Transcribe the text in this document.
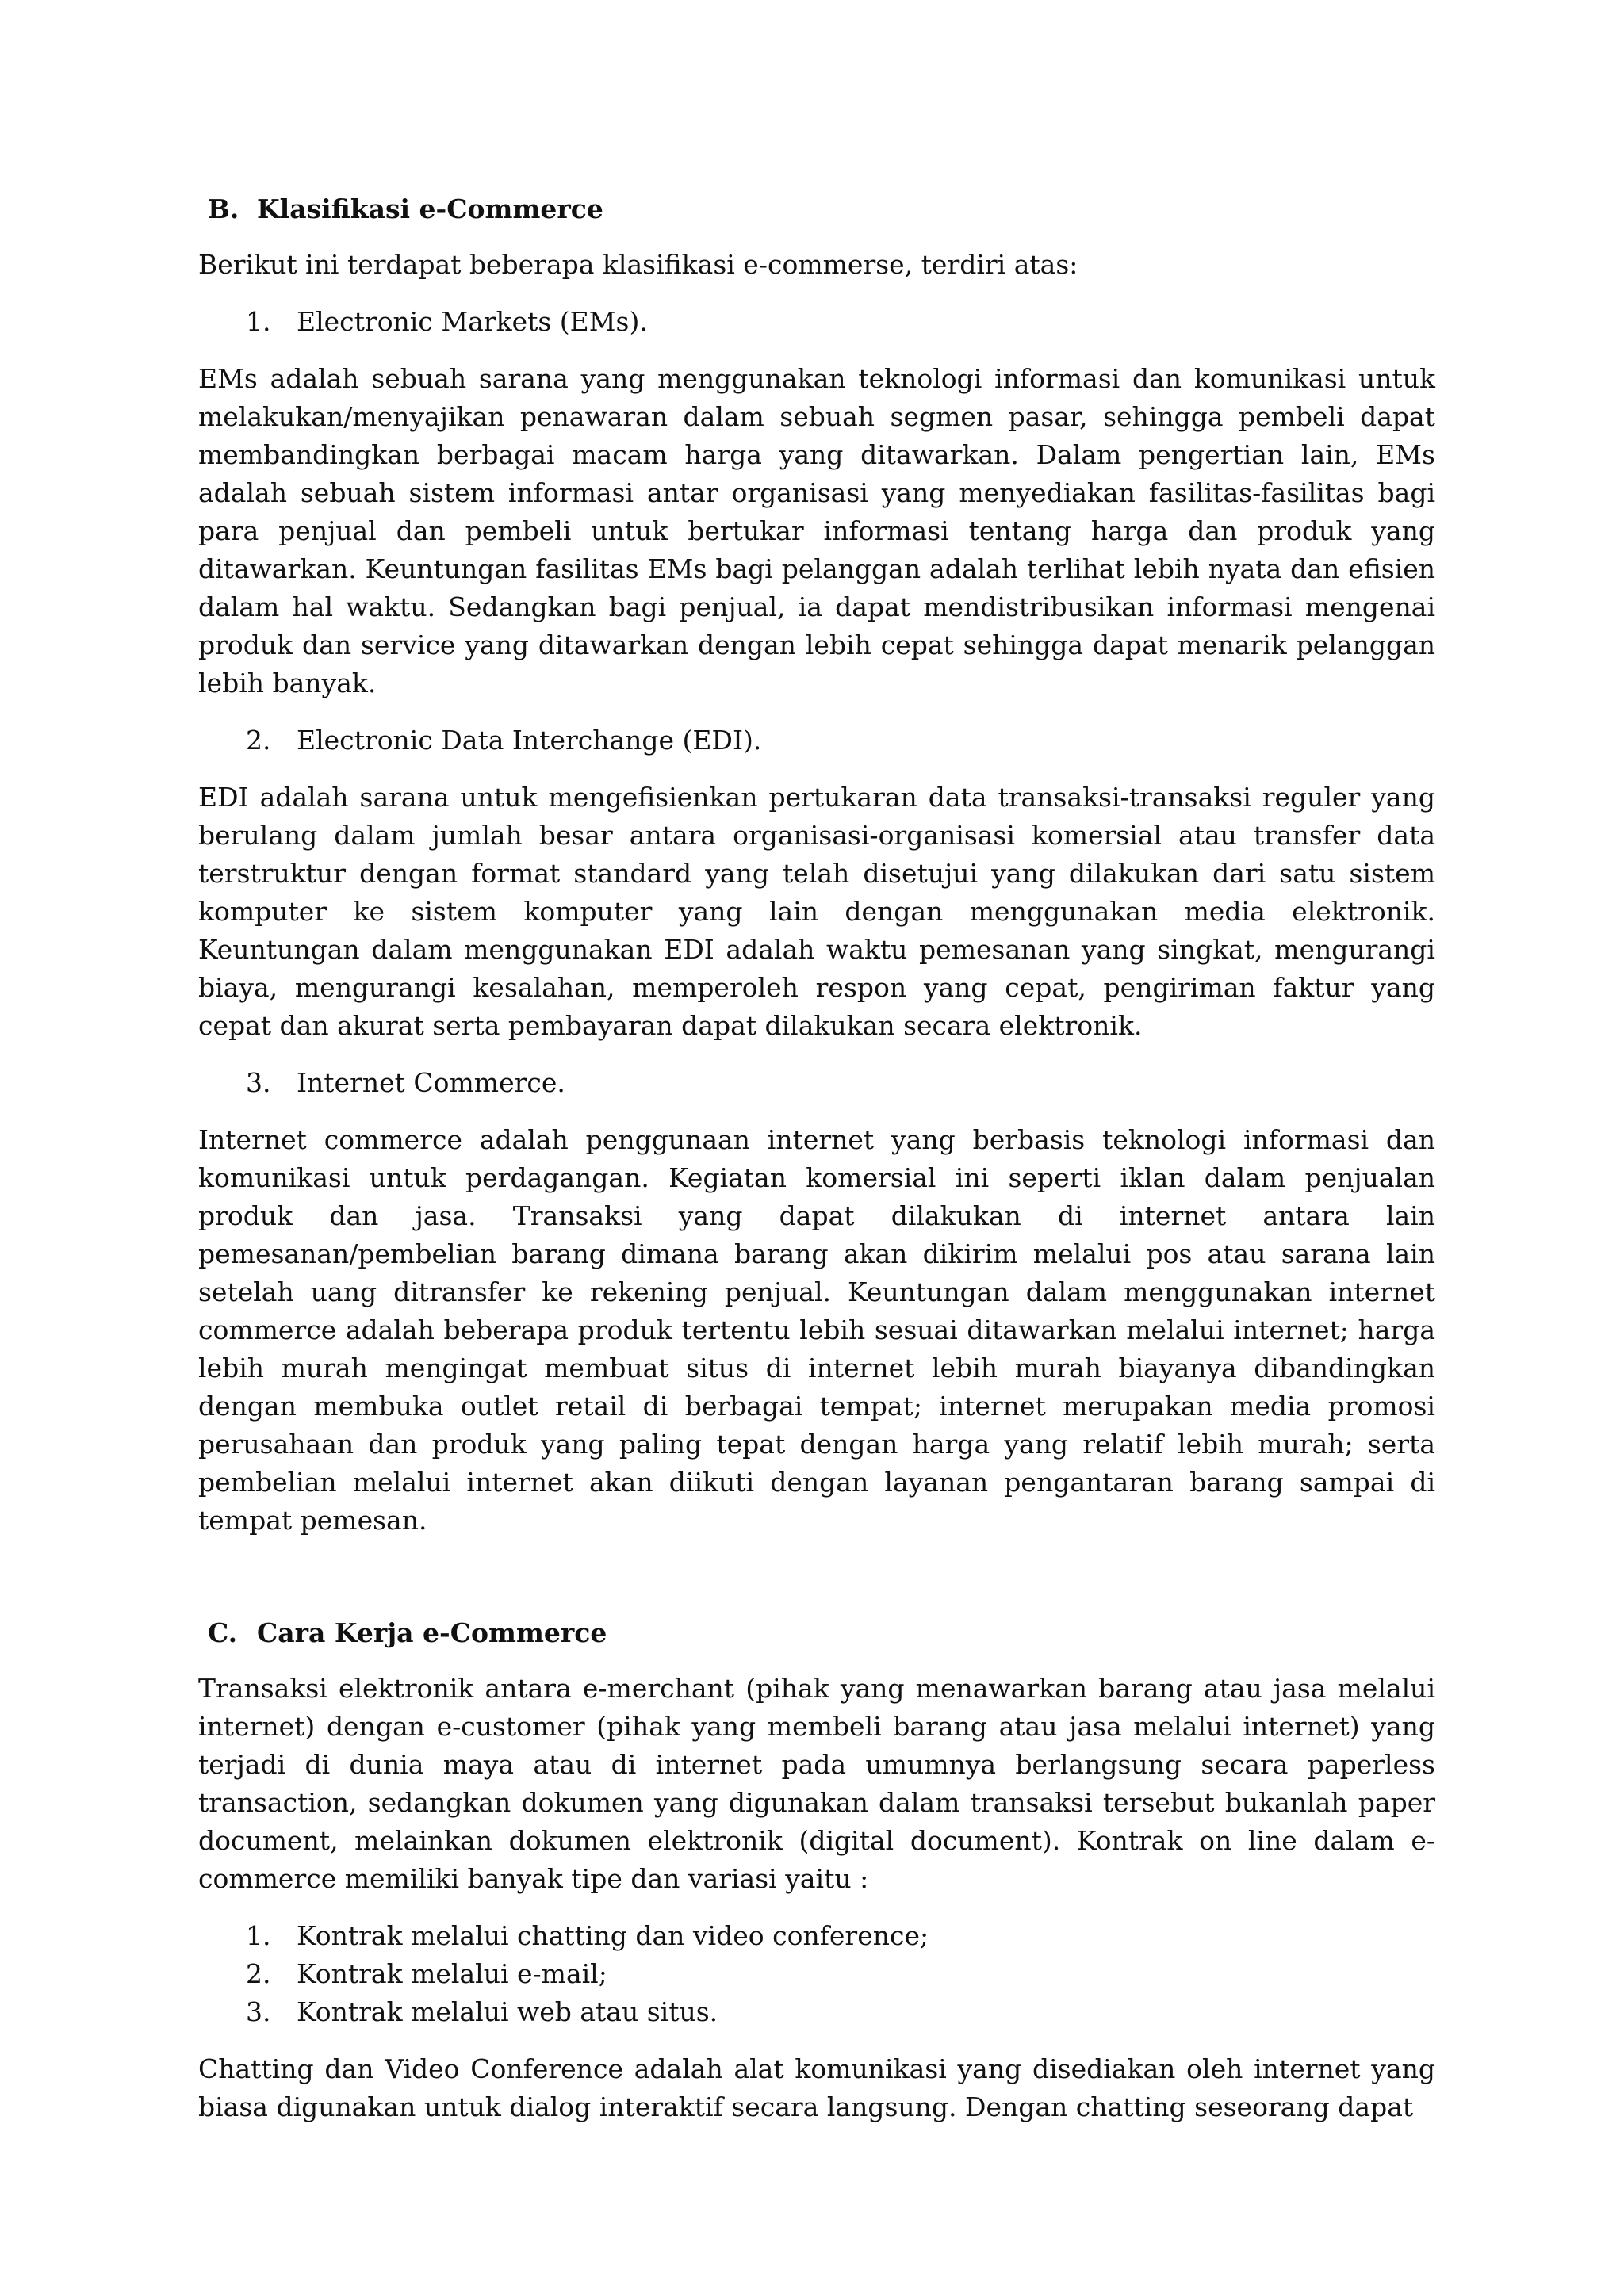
B. Klasifikasi e-Commerce

Berikut ini terdapat beberapa klasifikasi e-commerse, terdiri atas:

1. Electronic Markets (EMs).

EMs adalah sebuah sarana yang menggunakan teknologi informasi dan komunikasi untuk melakukan/menyajikan penawaran dalam sebuah segmen pasar, sehingga pembeli dapat membandingkan berbagai macam harga yang ditawarkan. Dalam pengertian lain, EMs adalah sebuah sistem informasi antar organisasi yang menyediakan fasilitas-fasilitas bagi para penjual dan pembeli untuk bertukar informasi tentang harga dan produk yang ditawarkan. Keuntungan fasilitas EMs bagi pelanggan adalah terlihat lebih nyata dan efisien dalam hal waktu. Sedangkan bagi penjual, ia dapat mendistribusikan informasi mengenai produk dan service yang ditawarkan dengan lebih cepat sehingga dapat menarik pelanggan lebih banyak.

2. Electronic Data Interchange (EDI).

EDI adalah sarana untuk mengefisienkan pertukaran data transaksi-transaksi reguler yang berulang dalam jumlah besar antara organisasi-organisasi komersial atau transfer data terstruktur dengan format standard yang telah disetujui yang dilakukan dari satu sistem komputer ke sistem komputer yang lain dengan menggunakan media elektronik. Keuntungan dalam menggunakan EDI adalah waktu pemesanan yang singkat, mengurangi biaya, mengurangi kesalahan, memperoleh respon yang cepat, pengiriman faktur yang cepat dan akurat serta pembayaran dapat dilakukan secara elektronik.

3. Internet Commerce.

Internet commerce adalah penggunaan internet yang berbasis teknologi informasi dan komunikasi untuk perdagangan. Kegiatan komersial ini seperti iklan dalam penjualan produk dan jasa. Transaksi yang dapat dilakukan di internet antara lain pemesanan/pembelian barang dimana barang akan dikirim melalui pos atau sarana lain setelah uang ditransfer ke rekening penjual. Keuntungan dalam menggunakan internet commerce adalah beberapa produk tertentu lebih sesuai ditawarkan melalui internet; harga lebih murah mengingat membuat situs di internet lebih murah biayanya dibandingkan dengan membuka outlet retail di berbagai tempat; internet merupakan media promosi perusahaan dan produk yang paling tepat dengan harga yang relatif lebih murah; serta pembelian melalui internet akan diikuti dengan layanan pengantaran barang sampai di tempat pemesan.

C. Cara Kerja e-Commerce

Transaksi elektronik antara e-merchant (pihak yang menawarkan barang atau jasa melalui internet) dengan e-customer (pihak yang membeli barang atau jasa melalui internet) yang terjadi di dunia maya atau di internet pada umumnya berlangsung secara paperless transaction, sedangkan dokumen yang digunakan dalam transaksi tersebut bukanlah paper document, melainkan dokumen elektronik (digital document). Kontrak on line dalam e-commerce memiliki banyak tipe dan variasi yaitu :

1. Kontrak melalui chatting dan video conference;
2. Kontrak melalui e-mail;
3. Kontrak melalui web atau situs.

Chatting dan Video Conference adalah alat komunikasi yang disediakan oleh internet yang biasa digunakan untuk dialog interaktif secara langsung. Dengan chatting seseorang dapat
